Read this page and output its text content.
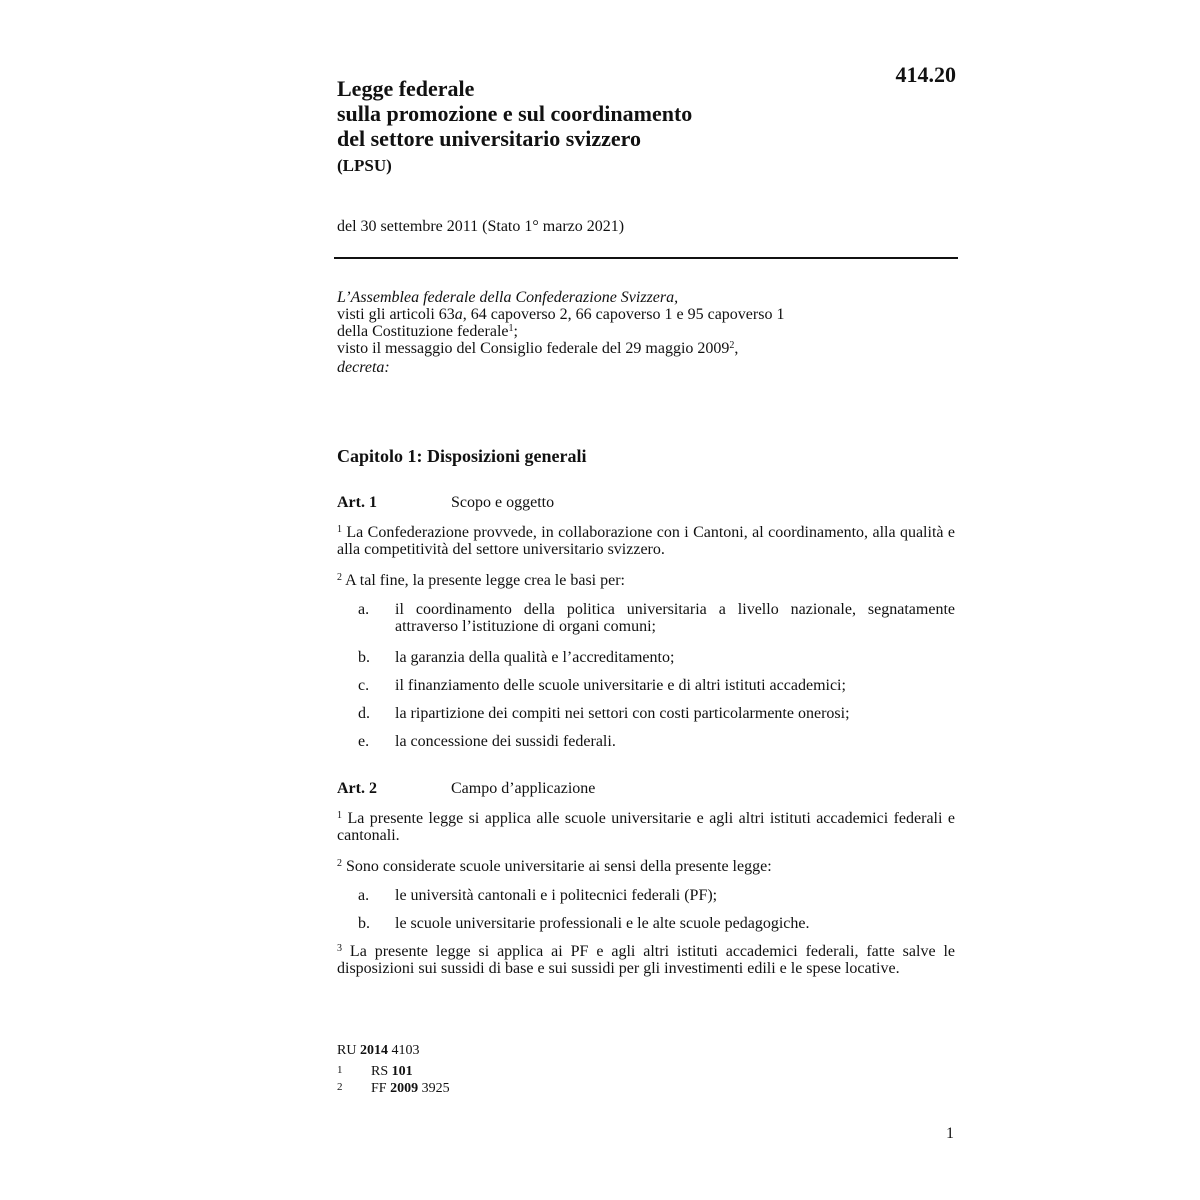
414.20
Legge federale
sulla promozione e sul coordinamento
del settore universitario svizzero
(LPSU)
del 30 settembre 2011 (Stato 1° marzo 2021)
L’Assemblea federale della Confederazione Svizzera,
visti gli articoli 63a, 64 capoverso 2, 66 capoverso 1 e 95 capoverso 1
della Costituzione federale$^1$;
visto il messaggio del Consiglio federale del 29 maggio 2009$^2$,
decreta:
Capitolo 1: Disposizioni generali
Art. 1	Scopo e oggetto
$^1$ La Confederazione provvede, in collaborazione con i Cantoni, al coordinamento, alla qualità e alla competitività del settore universitario svizzero.
$^2$ A tal fine, la presente legge crea le basi per:
a. il coordinamento della politica universitaria a livello nazionale, segnatamente attraverso l’istituzione di organi comuni;
b. la garanzia della qualità e l’accreditamento;
c. il finanziamento delle scuole universitarie e di altri istituti accademici;
d. la ripartizione dei compiti nei settori con costi particolarmente onerosi;
e. la concessione dei sussidi federali.
Art. 2	Campo d’applicazione
$^1$ La presente legge si applica alle scuole universitarie e agli altri istituti accademici federali e cantonali.
$^2$ Sono considerate scuole universitarie ai sensi della presente legge:
a. le università cantonali e i politecnici federali (PF);
b. le scuole universitarie professionali e le alte scuole pedagogiche.
$^3$ La presente legge si applica ai PF e agli altri istituti accademici federali, fatte salve le disposizioni sui sussidi di base e sui sussidi per gli investimenti edili e le spese locative.
RU 2014 4103
1 RS 101
2 FF 2009 3925
1
